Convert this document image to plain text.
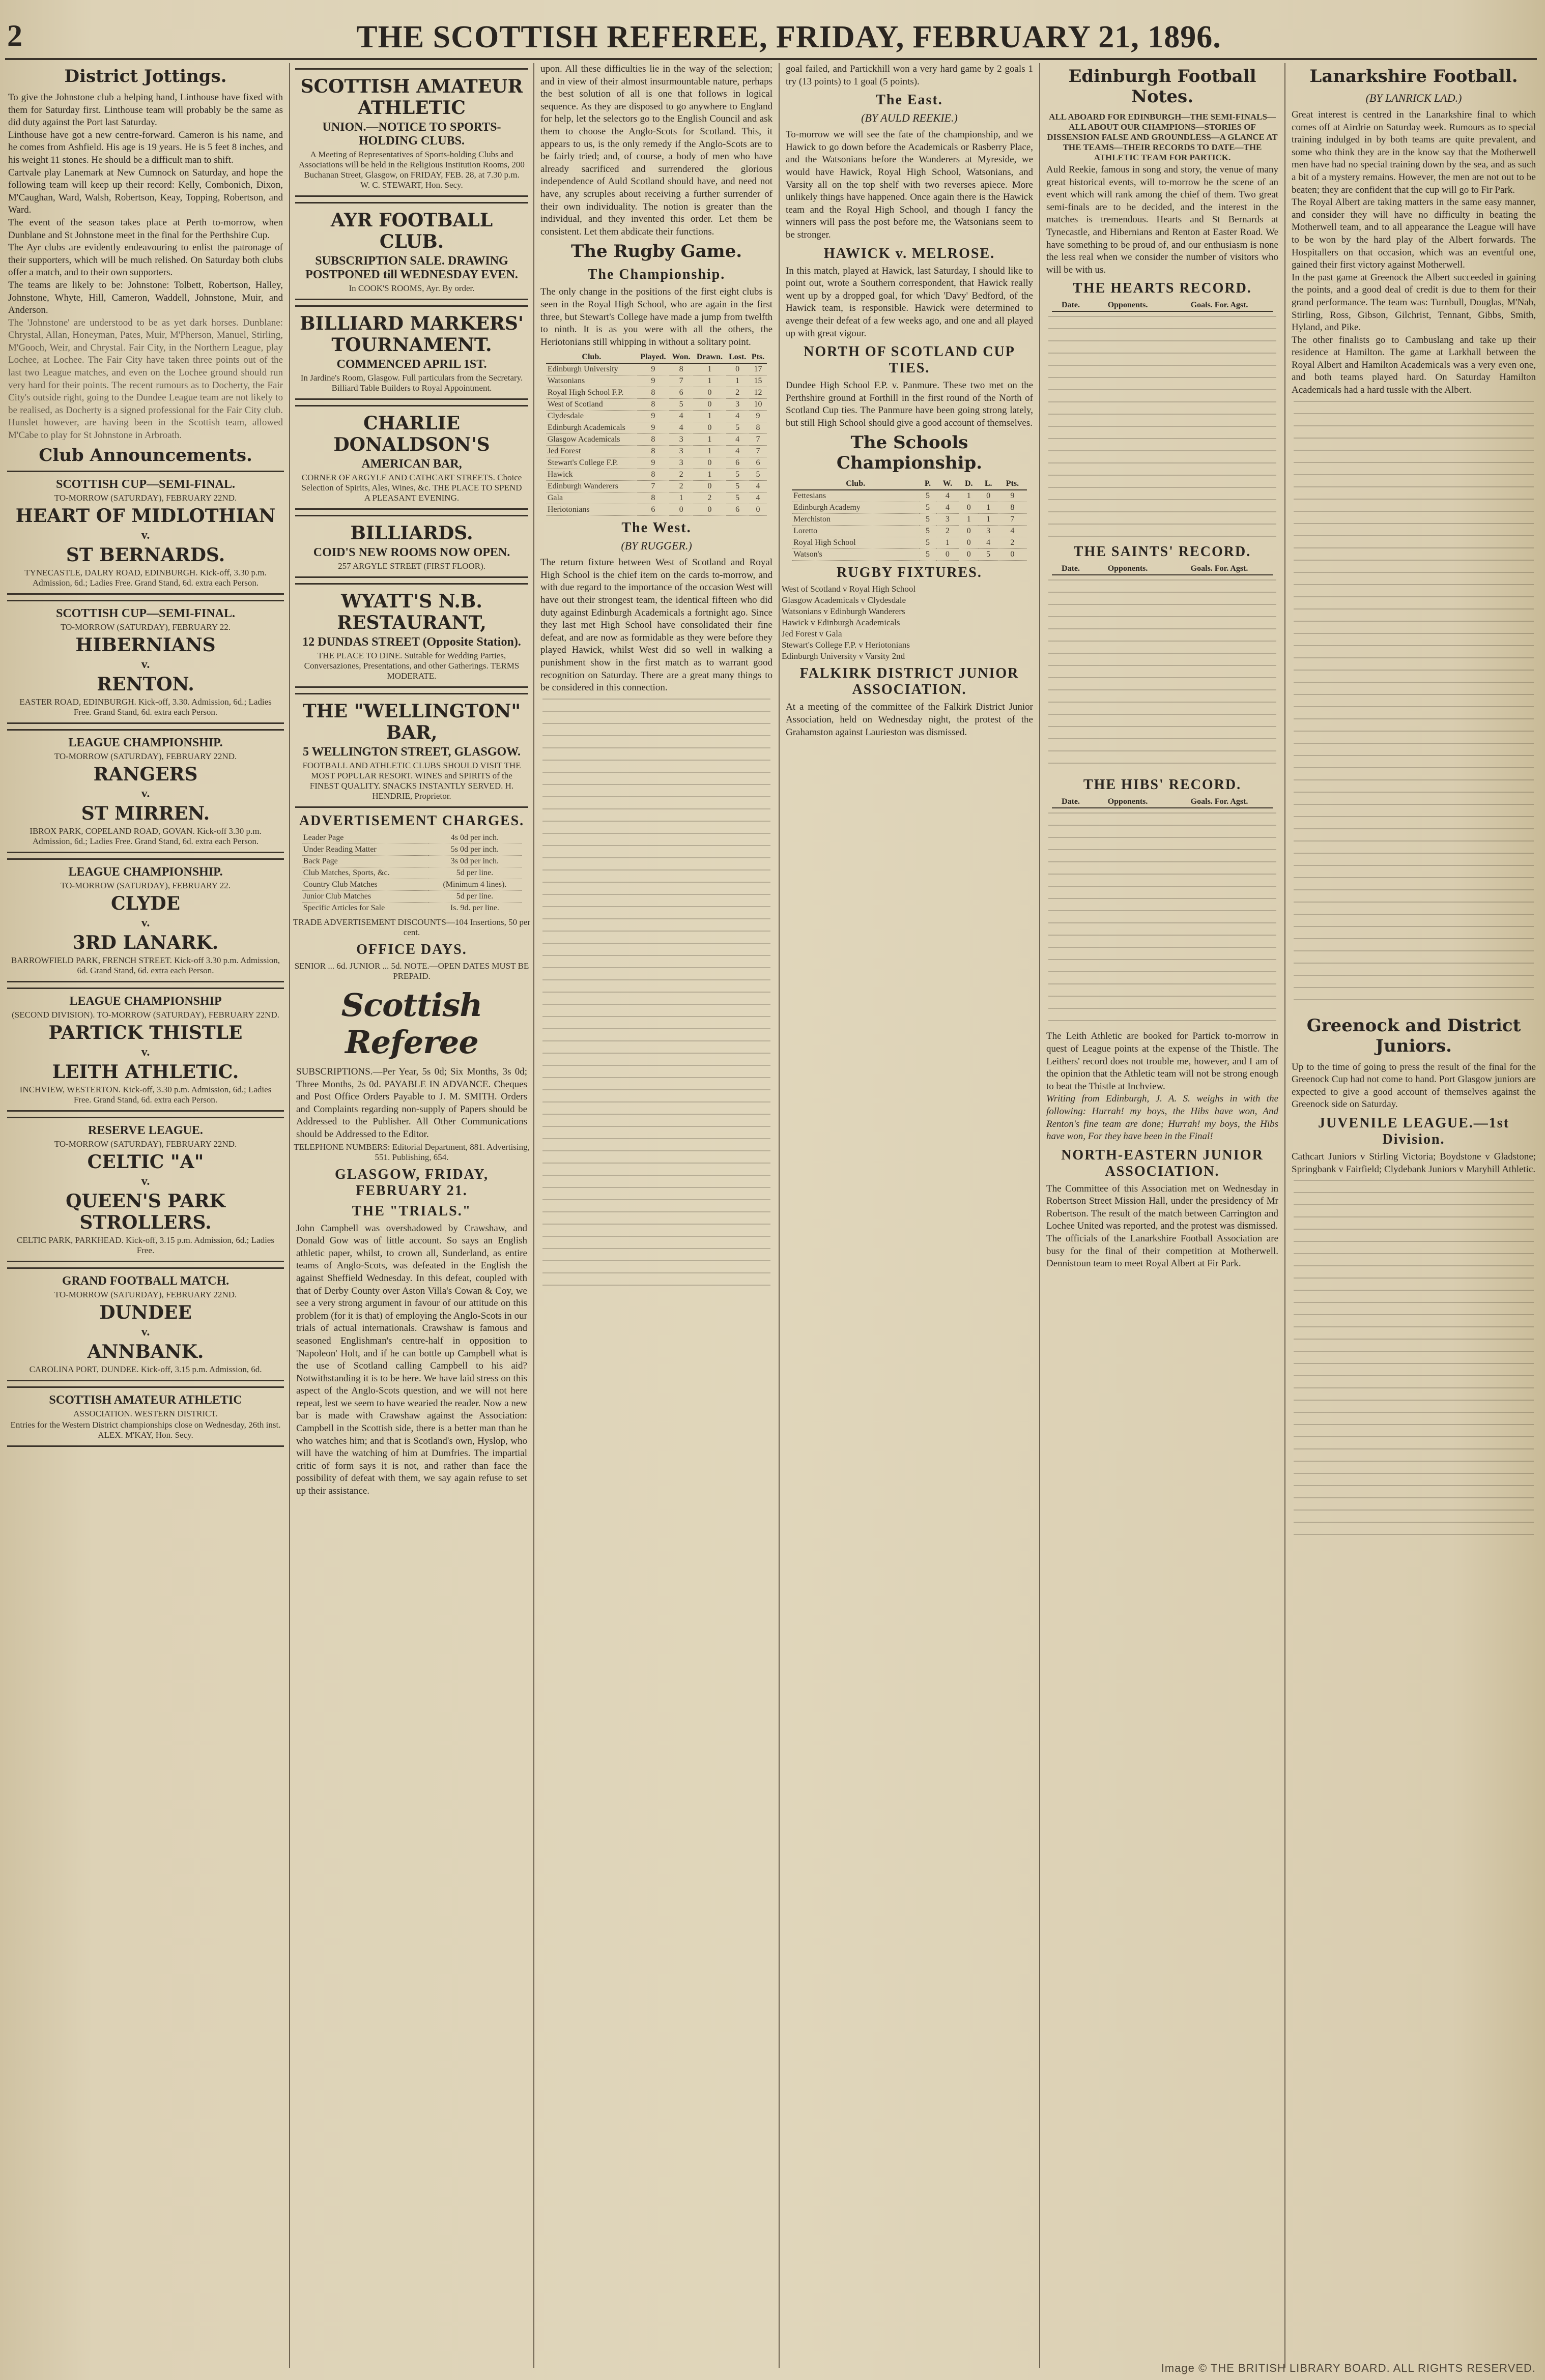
2	THE SCOTTISH REFEREE, FRIDAY, FEBRUARY 21, 1896.
District Jottings.

To give the Johnstone club a helping hand, Linthouse have fixed with them for Saturday first. Linthouse team will probably be the same as did duty against the Port last Saturday.

Linthouse have got a new centre-forward. Cameron is his name, and he comes from Ashfield. His age is 19 years. He is 5 feet 8 inches, and his weight 11 stones. He should be a difficult man to shift.

Cartvale play Lanemark at New Cumnock on Saturday, and hope the following team will keep up their record: Kelly, Combonich, Dixon, M'Caughan, Ward, Walsh, Robertson, Keay, Topping, Robertson, and Ward.

The event of the season takes place at Perth to-morrow, when Dunblane and St Johnstone meet in the final for the Perthshire Cup.

The Ayr clubs are evidently endeavouring to enlist the patronage of their supporters, which will be much relished. On Saturday both clubs offer a match, and to their own supporters.

The teams are likely to be: Johnstone: Tolbett, Robertson, Halley, Johnstone, Whyte, Hill, Cameron, Waddell, Johnstone, Muir, and Anderson.

The 'Johnstone' are understood to be as yet dark horses. Dunblane: Chrystal, Allan, Honeyman, Pates, Muir, M'Pherson, Manuel, Stirling, M'Gooch, Weir, and Chrystal. Fair City, in the Northern League, play Lochee, at Lochee. The Fair City have taken three points out of the last two League matches, and even on the Lochee ground should run very hard for their points. The recent rumours as to Docherty, the Fair City's outside right, going to the Dundee League team are not likely to be realised, as Docherty is a signed professional for the Fair City club. Hunslet however, are having been in the Scottish team, allowed M'Cabe to play for St Johnstone in Arbroath.

Club Announcements.
SCOTTISH CUP—SEMI-FINAL.
TO-MORROW (SATURDAY), FEBRUARY 22ND.
HEART OF MIDLOTHIAN
v.
ST BERNARDS.
TYNECASTLE, DALRY ROAD, EDINBURGH. Kick-off, 3.30 p.m. Admission, 6d.; Ladies Free. Grand Stand, 6d. extra each Person.
SCOTTISH CUP—SEMI-FINAL.
TO-MORROW (SATURDAY), FEBRUARY 22.
HIBERNIANS
v.
RENTON.
EASTER ROAD, EDINBURGH. Kick-off, 3.30. Admission, 6d.; Ladies Free. Grand Stand, 6d. extra each Person.
LEAGUE CHAMPIONSHIP.
TO-MORROW (SATURDAY), FEBRUARY 22ND.
RANGERS
v.
ST MIRREN.
IBROX PARK, COPELAND ROAD, GOVAN. Kick-off 3.30 p.m. Admission, 6d.; Ladies Free. Grand Stand, 6d. extra each Person.
LEAGUE CHAMPIONSHIP.
TO-MORROW (SATURDAY), FEBRUARY 22.
CLYDE
v.
3RD LANARK.
BARROWFIELD PARK, FRENCH STREET. Kick-off 3.30 p.m. Admission, 6d. Grand Stand, 6d. extra each Person.
LEAGUE CHAMPIONSHIP
(SECOND DIVISION). TO-MORROW (SATURDAY), FEBRUARY 22ND.
PARTICK THISTLE
v.
LEITH ATHLETIC.
INCHVIEW, WESTERTON. Kick-off, 3.30 p.m. Admission, 6d.; Ladies Free. Grand Stand, 6d. extra each Person.
RESERVE LEAGUE.
TO-MORROW (SATURDAY), FEBRUARY 22ND.
CELTIC "A"
v.
QUEEN'S PARK STROLLERS.
CELTIC PARK, PARKHEAD. Kick-off, 3.15 p.m. Admission, 6d.; Ladies Free.
GRAND FOOTBALL MATCH.
TO-MORROW (SATURDAY), FEBRUARY 22ND.
DUNDEE
v.
ANNBANK.
CAROLINA PORT, DUNDEE. Kick-off, 3.15 p.m. Admission, 6d.
SCOTTISH AMATEUR ATHLETIC
ASSOCIATION. WESTERN DISTRICT.
Entries for the Western District championships close on Wednesday, 26th inst. ALEX. M'KAY, Hon. Secy.
SCOTTISH AMATEUR ATHLETIC
UNION.—NOTICE TO SPORTS-HOLDING CLUBS.
A Meeting of Representatives of Sports-holding Clubs and Associations will be held in the Religious Institution Rooms, 200 Buchanan Street, Glasgow, on FRIDAY, FEB. 28, at 7.30 p.m. W. C. STEWART, Hon. Secy.
AYR FOOTBALL CLUB.
SUBSCRIPTION SALE. DRAWING POSTPONED till WEDNESDAY EVEN.
In COOK'S ROOMS, Ayr. By order.
BILLIARD MARKERS' TOURNAMENT.
COMMENCED APRIL 1ST.
In Jardine's Room, Glasgow. Full particulars from the Secretary. Billiard Table Builders to Royal Appointment.
CHARLIE DONALDSON'S
AMERICAN BAR,
CORNER OF ARGYLE AND CATHCART STREETS. Choice Selection of Spirits, Ales, Wines, &c. THE PLACE TO SPEND A PLEASANT EVENING.
BILLIARDS.
COID'S NEW ROOMS NOW OPEN.
257 ARGYLE STREET (FIRST FLOOR).
WYATT'S N.B. RESTAURANT,
12 DUNDAS STREET (Opposite Station).
THE PLACE TO DINE. Suitable for Wedding Parties, Conversaziones, Presentations, and other Gatherings. TERMS MODERATE.
THE "WELLINGTON" BAR,
5 WELLINGTON STREET, GLASGOW.
FOOTBALL AND ATHLETIC CLUBS SHOULD VISIT THE MOST POPULAR RESORT. WINES and SPIRITS of the FINEST QUALITY. SNACKS INSTANTLY SERVED. H. HENDRIE, Proprietor.
ADVERTISEMENT CHARGES.
Leader Page	4s 0d per inch.
Under Reading Matter	5s 0d per inch.
Back Page	3s 0d per inch.
Club Matches, Sports, &c.	5d per line.
Country Club Matches	(Minimum 4 lines).
Junior Club Matches	5d per line.
Specific Articles for Sale	Is. 9d. per line.

TRADE ADVERTISEMENT DISCOUNTS—104 Insertions, 50 per cent.

OFFICE DAYS.

SENIOR ... 6d. JUNIOR ... 5d. NOTE.—OPEN DATES MUST BE PREPAID.

Scottish Referee

SUBSCRIPTIONS.—Per Year, 5s 0d; Six Months, 3s 0d; Three Months, 2s 0d. PAYABLE IN ADVANCE. Cheques and Post Office Orders Payable to J. M. SMITH. Orders and Complaints regarding non-supply of Papers should be Addressed to the Publisher. All Other Communications should be Addressed to the Editor.

TELEPHONE NUMBERS: Editorial Department, 881. Advertising, 551. Publishing, 654.

GLASGOW, FRIDAY, FEBRUARY 21.
THE "TRIALS."

John Campbell was overshadowed by Crawshaw, and Donald Gow was of little account. So says an English athletic paper, whilst, to crown all, Sunderland, as entire teams of Anglo-Scots, was defeated in the English the against Sheffield Wednesday. In this defeat, coupled with that of Derby County over Aston Villa's Cowan & Coy, we see a very strong argument in favour of our attitude on this problem (for it is that) of employing the Anglo-Scots in our trials of actual internationals. Crawshaw is famous and seasoned Englishman's centre-half in opposition to 'Napoleon' Holt, and if he can bottle up Campbell what is the use of Scotland calling Campbell to his aid? Notwithstanding it is to be here. We have laid stress on this aspect of the Anglo-Scots question, and we will not here repeat, lest we seem to have wearied the reader. Now a new bar is made with Crawshaw against the Association: Campbell in the Scottish side, there is a better man than he who watches him; and that is Scotland's own, Hyslop, who will have the watching of him at Dumfries. The impartial critic of form says it is not, and rather than face the possibility of defeat with them, we say again refuse to set up their assistance.

upon. All these difficulties lie in the way of the selection; and in view of their almost insurmountable nature, perhaps the best solution of all is one that follows in logical sequence. As they are disposed to go anywhere to England for help, let the selectors go to the English Council and ask them to choose the Anglo-Scots for Scotland. This, it appears to us, is the only remedy if the Anglo-Scots are to be fairly tried; and, of course, a body of men who have already sacrificed and surrendered the glorious independence of Auld Scotland should have, and need not have, any scruples about receiving a further surrender of their own individuality. The notion is greater than the individual, and they invented this order. Let them be consistent. Let them abdicate their functions.

The Rugby Game.
The Championship.

The only change in the positions of the first eight clubs is seen in the Royal High School, who are again in the first three, but Stewart's College have made a jump from twelfth to ninth. It is as you were with all the others, the Heriotonians still whipping in without a solitary point.

Club.	Played.	Won.	Drawn.	Lost.	Pts.
Edinburgh University	9	8	1	0	17
Watsonians	9	7	1	1	15
Royal High School F.P.	8	6	0	2	12
West of Scotland	8	5	0	3	10
Clydesdale	9	4	1	4	9
Edinburgh Academicals	9	4	0	5	8
Glasgow Academicals	8	3	1	4	7
Jed Forest	8	3	1	4	7
Stewart's College F.P.	9	3	0	6	6
Hawick	8	2	1	5	5
Edinburgh Wanderers	7	2	0	5	4
Gala	8	1	2	5	4
Heriotonians	6	0	0	6	0
The West.
(BY RUGGER.)

The return fixture between West of Scotland and Royal High School is the chief item on the cards to-morrow, and with due regard to the importance of the occasion West will have out their strongest team, the identical fifteen who did duty against Edinburgh Academicals a fortnight ago. Since they last met High School have consolidated their fine defeat, and are now as formidable as they were before they played Hawick, whilst West did so well in walking a punishment show in the first match as to warrant good recognition on Saturday. There are a great many things to be considered in this connection.

goal failed, and Partickhill won a very hard game by 2 goals 1 try (13 points) to 1 goal (5 points).

The East.
(BY AULD REEKIE.)

To-morrow we will see the fate of the championship, and we Hawick to go down before the Academicals or Rasberry Place, and the Watsonians before the Wanderers at Myreside, we would have Hawick, Royal High School, Watsonians, and Varsity all on the top shelf with two reverses apiece. More unlikely things have happened. Once again there is the Hawick team and the Royal High School, and though I fancy the winners will pass the post before me, the Watsonians seem to be stronger.

HAWICK v. MELROSE.

In this match, played at Hawick, last Saturday, I should like to point out, wrote a Southern correspondent, that Hawick really went up by a dropped goal, for which 'Davy' Bedford, of the Hawick team, is responsible. Hawick were determined to avenge their defeat of a few weeks ago, and one and all played up with great vigour.

NORTH OF SCOTLAND CUP TIES.

Dundee High School F.P. v. Panmure. These two met on the Perthshire ground at Forthill in the first round of the North of Scotland Cup ties. The Panmure have been going strong lately, but still High School should give a good account of themselves.

The Schools Championship.
Club.	P.	W.	D.	L.	Pts.
Fettesians	5	4	1	0	9
Edinburgh Academy	5	4	0	1	8
Merchiston	5	3	1	1	7
Loretto	5	2	0	3	4
Royal High School	5	1	0	4	2
Watson's	5	0	0	5	0
RUGBY FIXTURES.
West of Scotland v Royal High School
Glasgow Academicals v Clydesdale
Watsonians v Edinburgh Wanderers
Hawick v Edinburgh Academicals
Jed Forest v Gala
Stewart's College F.P. v Heriotonians
Edinburgh University v Varsity 2nd
FALKIRK DISTRICT JUNIOR ASSOCIATION.

At a meeting of the committee of the Falkirk District Junior Association, held on Wednesday night, the protest of the Grahamston against Laurieston was dismissed.

Edinburgh Football Notes.

ALL ABOARD FOR EDINBURGH—THE SEMI-FINALS—ALL ABOUT OUR CHAMPIONS—STORIES OF DISSENSION FALSE AND GROUNDLESS—A GLANCE AT THE TEAMS—THEIR RECORDS TO DATE—THE ATHLETIC TEAM FOR PARTICK.

Auld Reekie, famous in song and story, the venue of many great historical events, will to-morrow be the scene of an event which will rank among the chief of them. Two great semi-finals are to be decided, and the interest in the matches is tremendous. Hearts and St Bernards at Tynecastle, and Hibernians and Renton at Easter Road. We have something to be proud of, and our enthusiasm is none the less real when we consider the number of visitors who will be with us.

THE HEARTS RECORD.
Date.	Opponents.	Goals. For. Agst.
THE SAINTS' RECORD.
Date.	Opponents.	Goals. For. Agst.
THE HIBS' RECORD.
Date.	Opponents.	Goals. For. Agst.

The Leith Athletic are booked for Partick to-morrow in quest of League points at the expense of the Thistle. The Leithers' record does not trouble me, however, and I am of the opinion that the Athletic team will not be strong enough to beat the Thistle at Inchview.

Writing from Edinburgh, J. A. S. weighs in with the following: Hurrah! my boys, the Hibs have won, And Renton's fine team are done; Hurrah! my boys, the Hibs have won, For they have been in the Final!

NORTH-EASTERN JUNIOR ASSOCIATION.

The Committee of this Association met on Wednesday in Robertson Street Mission Hall, under the presidency of Mr Robertson. The result of the match between Carrington and Lochee United was reported, and the protest was dismissed.

The officials of the Lanarkshire Football Association are busy for the final of their competition at Motherwell. Dennistoun team to meet Royal Albert at Fir Park.

Lanarkshire Football.
(BY LANRICK LAD.)

Great interest is centred in the Lanarkshire final to which comes off at Airdrie on Saturday week. Rumours as to special training indulged in by both teams are quite prevalent, and some who think they are in the know say that the Motherwell men have had no special training down by the sea, and as such a bit of a mystery remains. However, the men are not out to be beaten; they are confident that the cup will go to Fir Park.

The Royal Albert are taking matters in the same easy manner, and consider they will have no difficulty in beating the Motherwell team, and to all appearance the League will have to be won by the hard play of the Albert forwards. The Hospitallers on that occasion, which was an eventful one, gained their first victory against Motherwell.

In the past game at Greenock the Albert succeeded in gaining the points, and a good deal of credit is due to them for their grand performance. The team was: Turnbull, Douglas, M'Nab, Stirling, Ross, Gibson, Gilchrist, Tennant, Gibbs, Smith, Hyland, and Pike.

The other finalists go to Cambuslang and take up their residence at Hamilton. The game at Larkhall between the Royal Albert and Hamilton Academicals was a very even one, and both teams played hard. On Saturday Hamilton Academicals had a hard tussle with the Albert.

Greenock and District Juniors.

Up to the time of going to press the result of the final for the Greenock Cup had not come to hand. Port Glasgow juniors are expected to give a good account of themselves against the Greenock side on Saturday.

JUVENILE LEAGUE.—1st Division.

Cathcart Juniors v Stirling Victoria; Boydstone v Gladstone; Springbank v Fairfield; Clydebank Juniors v Maryhill Athletic.

Image © THE BRITISH LIBRARY BOARD. ALL RIGHTS RESERVED.
